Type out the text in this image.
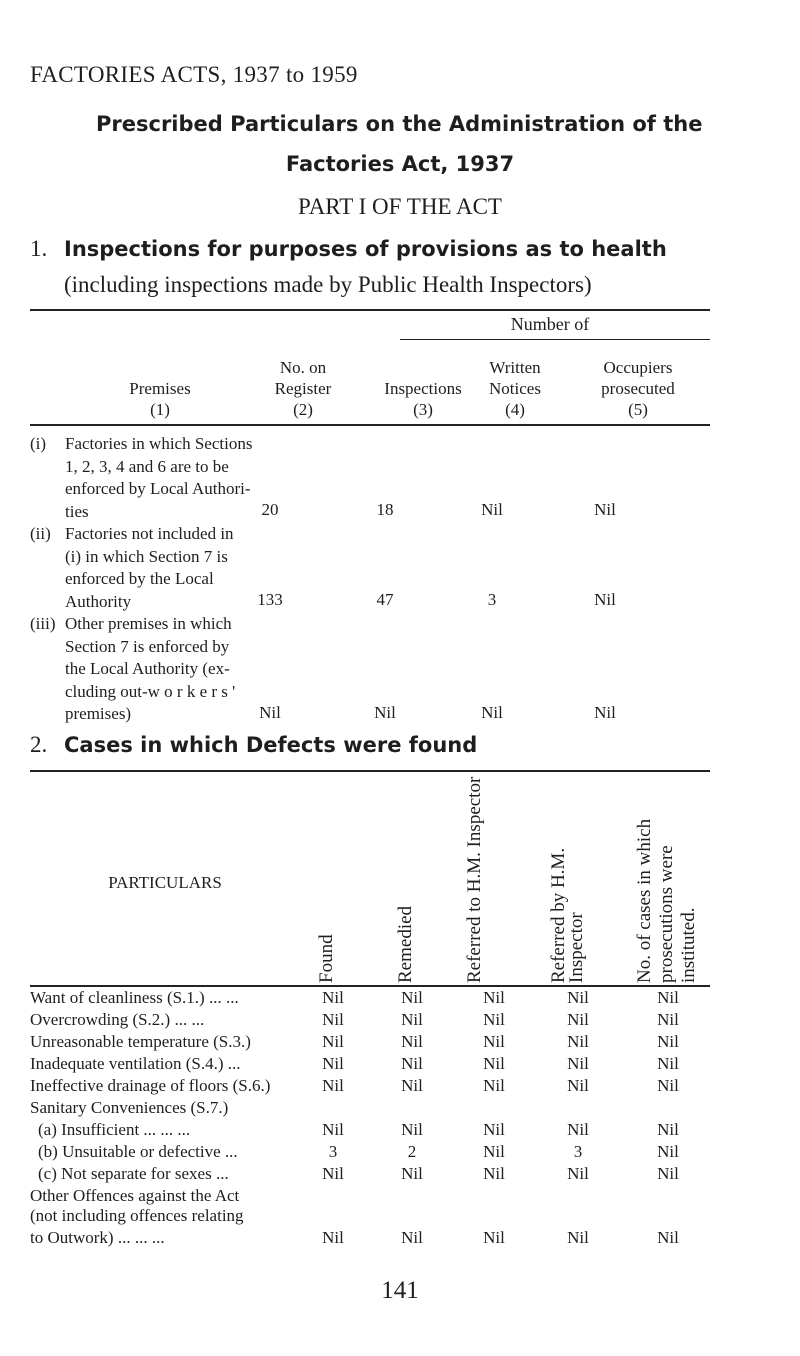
FACTORIES ACTS, 1937 to 1959
Prescribed Particulars on the Administration of the
Factories Act, 1937
PART I OF THE ACT
1. Inspections for purposes of provisions as to health
(including inspections made by Public Health Inspectors)
Number of
Premises
(1)
No. on
Register
(2)
Inspections
(3)
Written
Notices
(4)
Occupiers
prosecuted
(5)
(i) Factories in which Sections
1, 2, 3, 4 and 6 are to be
enforced by Local Authori-
ties	20	18	Nil	Nil
(ii) Factories not included in
(i) in which Section 7 is
enforced by the Local
Authority	133	47	3	Nil
(iii) Other premises in which
Section 7 is enforced by
the Local Authority (ex-
cluding out-w o r k e r s '
premises)	Nil	Nil	Nil	Nil
2. Cases in which Defects were found
PARTICULARS
Found	Remedied	Referred to H.M. Inspector	Referred by H.M. Inspector	No. of cases in which prosecutions were instituted.
Want of cleanliness (S.1.) ... ...	Nil	Nil	Nil	Nil	Nil
Overcrowding (S.2.) ... ...	Nil	Nil	Nil	Nil	Nil
Unreasonable temperature (S.3.)	Nil	Nil	Nil	Nil	Nil
Inadequate ventilation (S.4.) ...	Nil	Nil	Nil	Nil	Nil
Ineffective drainage of floors (S.6.)	Nil	Nil	Nil	Nil	Nil
Sanitary Conveniences (S.7.)
(a) Insufficient ... ... ...	Nil	Nil	Nil	Nil	Nil
(b) Unsuitable or defective ...	3	2	Nil	3	Nil
(c) Not separate for sexes ...	Nil	Nil	Nil	Nil	Nil
Other Offences against the Act
(not including offences relating
to Outwork) ... ... ...	Nil	Nil	Nil	Nil	Nil
141
